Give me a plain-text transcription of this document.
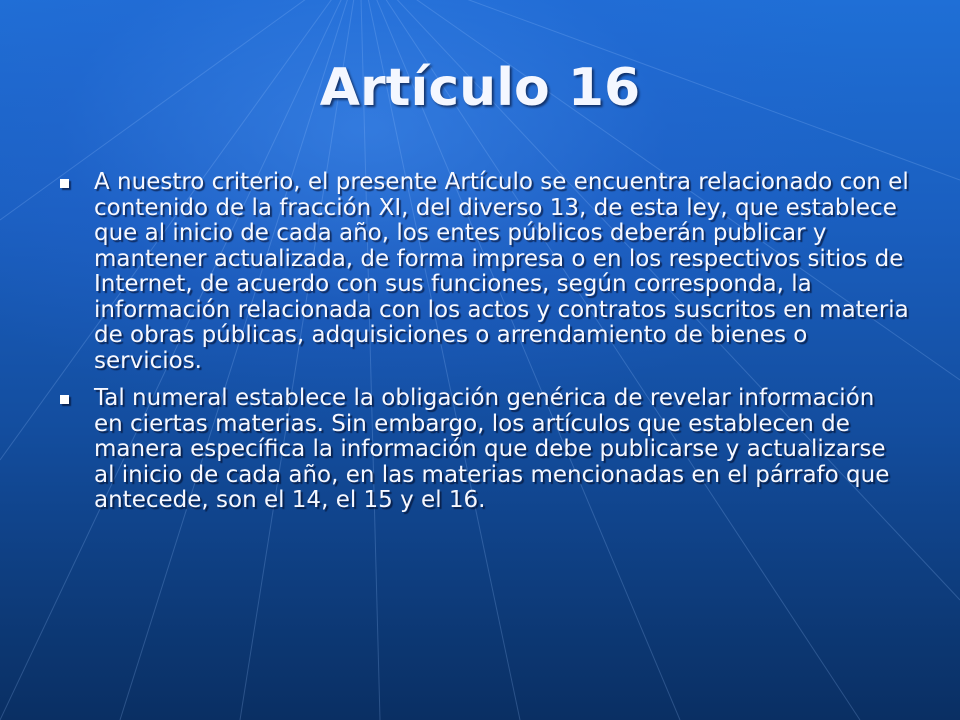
Artículo 16
A nuestro criterio, el presente Artículo se encuentra relacionado con el contenido de la fracción XI, del diverso 13, de esta ley, que establece que al inicio de cada año, los entes públicos deberán publicar y mantener actualizada, de forma impresa o en los respectivos sitios de Internet, de acuerdo con sus funciones, según corresponda, la información relacionada con los actos y contratos suscritos en materia de obras públicas, adquisiciones o arrendamiento de bienes o servicios.
Tal numeral establece la obligación genérica de revelar información en ciertas materias. Sin embargo, los artículos que establecen de manera específica la información que debe publicarse y actualizarse al inicio de cada año, en las materias mencionadas en el párrafo que antecede, son el 14, el 15 y el 16.
